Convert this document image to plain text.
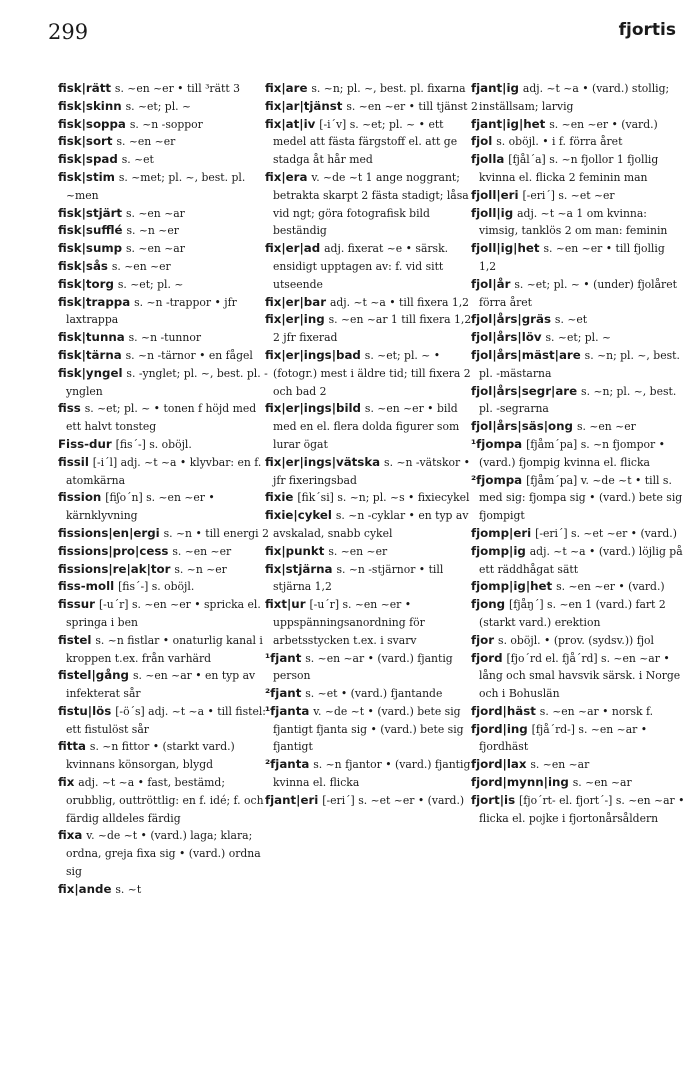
299	fjortis

fisk|rätt s. ~en ~er • till ³rätt 3

fisk|skinn s. ~et; pl. ~

fisk|soppa s. ~n -soppor

fisk|sort s. ~en ~er

fisk|spad s. ~et

fisk|stim s. ~met; pl. ~, best. pl. ~men

fisk|stjärt s. ~en ~ar

fisk|sufflé s. ~n ~er

fisk|sump s. ~en ~ar

fisk|sås s. ~en ~er

fisk|torg s. ~et; pl. ~

fisk|trappa s. ~n -trappor • jfr laxtrappa

fisk|tunna s. ~n -tunnor

fisk|tärna s. ~n -tärnor • en fågel

fisk|yngel s. -ynglet; pl. ~, best. pl. -ynglen

fiss s. ~et; pl. ~ • tonen f höjd med ett halvt tonsteg

Fiss-dur [fis´-] s. oböjl.

fissil [-i´l] adj. ~t ~a • klyvbar: en f. atomkärna

fission [fiʃo´n] s. ~en ~er • kärnklyvning

fissions|en|ergi s. ~n • till energi 2

fissions|pro|cess s. ~en ~er

fissions|re|ak|tor s. ~n ~er

fiss-moll [fis´-] s. oböjl.

fissur [-u´r] s. ~en ~er • spricka el. springa i ben

fistel s. ~n fistlar • onaturlig kanal i kroppen t.ex. från varhärd

fistel|gång s. ~en ~ar • en typ av infekterat sår

fistu|lös [-ö´s] adj. ~t ~a • till fistel: ett fistulöst sår

fitta s. ~n fittor • (starkt vard.) kvinnans könsorgan, blygd

fix adj. ~t ~a • fast, bestämd; orubblig, outtröttlig: en f. idé; f. och färdig alldeles färdig

fixa v. ~de ~t • (vard.) laga; klara; ordna, greja fixa sig • (vard.) ordna sig

fix|ande s. ~t

fix|are s. ~n; pl. ~, best. pl. fixarna

fix|ar|tjänst s. ~en ~er • till tjänst 2

fix|at|iv [-i´v] s. ~et; pl. ~ • ett medel att fästa färgstoff el. att ge stadga åt hår med

fix|era v. ~de ~t 1 ange noggrant; betrakta skarpt 2 fästa stadigt; låsa vid ngt; göra fotografisk bild beständig

fix|er|ad adj. fixerat ~e • särsk. ensidigt upptagen av: f. vid sitt utseende

fix|er|bar adj. ~t ~a • till fixera 1,2

fix|er|ing s. ~en ~ar 1 till fixera 1,2 2 jfr fixerad

fix|er|ings|bad s. ~et; pl. ~ • (fotogr.) mest i äldre tid; till fixera 2 och bad 2

fix|er|ings|bild s. ~en ~er • bild med en el. flera dolda figurer som lurar ögat

fix|er|ings|vätska s. ~n -vätskor • jfr fixeringsbad

fixie [fik´si] s. ~n; pl. ~s • fixiecykel

fixie|cykel s. ~n -cyklar • en typ av avskalad, snabb cykel

fix|punkt s. ~en ~er

fix|stjärna s. ~n -stjärnor • till stjärna 1,2

fixt|ur [-u´r] s. ~en ~er • uppspänningsanordning för arbetsstycken t.ex. i svarv

¹fjant s. ~en ~ar • (vard.) fjantig person

²fjant s. ~et • (vard.) fjantande

¹fjanta v. ~de ~t • (vard.) bete sig fjantigt fjanta sig • (vard.) bete sig fjantigt

²fjanta s. ~n fjantor • (vard.) fjantig kvinna el. flicka

fjant|eri [-eri´] s. ~et ~er • (vard.)

fjant|ig adj. ~t ~a • (vard.) stollig; inställsam; larvig

fjant|ig|het s. ~en ~er • (vard.)

fjol s. oböjl. • i f. förra året

fjolla [fjål´a] s. ~n fjollor 1 fjollig kvinna el. flicka 2 feminin man

fjoll|eri [-eri´] s. ~et ~er

fjoll|ig adj. ~t ~a 1 om kvinna: vimsig, tanklös 2 om man: feminin

fjoll|ig|het s. ~en ~er • till fjollig 1,2

fjol|år s. ~et; pl. ~ • (under) fjolåret förra året

fjol|års|gräs s. ~et

fjol|års|löv s. ~et; pl. ~

fjol|års|mäst|are s. ~n; pl. ~, best. pl. -mästarna

fjol|års|segr|are s. ~n; pl. ~, best. pl. -segrarna

fjol|års|säs|ong s. ~en ~er

¹fjompa [fjåm´pa] s. ~n fjompor • (vard.) fjompig kvinna el. flicka

²fjompa [fjåm´pa] v. ~de ~t • till s. med sig: fjompa sig • (vard.) bete sig fjompigt

fjomp|eri [-eri´] s. ~et ~er • (vard.)

fjomp|ig adj. ~t ~a • (vard.) löjlig på ett räddhågat sätt

fjomp|ig|het s. ~en ~er • (vard.)

fjong [fjåŋ´] s. ~en 1 (vard.) fart 2 (starkt vard.) erektion

fjor s. oböjl. • (prov. (sydsv.)) fjol

fjord [fjo´rd el. fjå´rd] s. ~en ~ar • lång och smal havsvik särsk. i Norge och i Bohuslän

fjord|häst s. ~en ~ar • norsk f.

fjord|ing [fjå´rd-] s. ~en ~ar • fjordhäst

fjord|lax s. ~en ~ar

fjord|mynn|ing s. ~en ~ar

fjort|is [fjo´rt- el. fjort´-] s. ~en ~ar • flicka el. pojke i fjortonårsåldern
